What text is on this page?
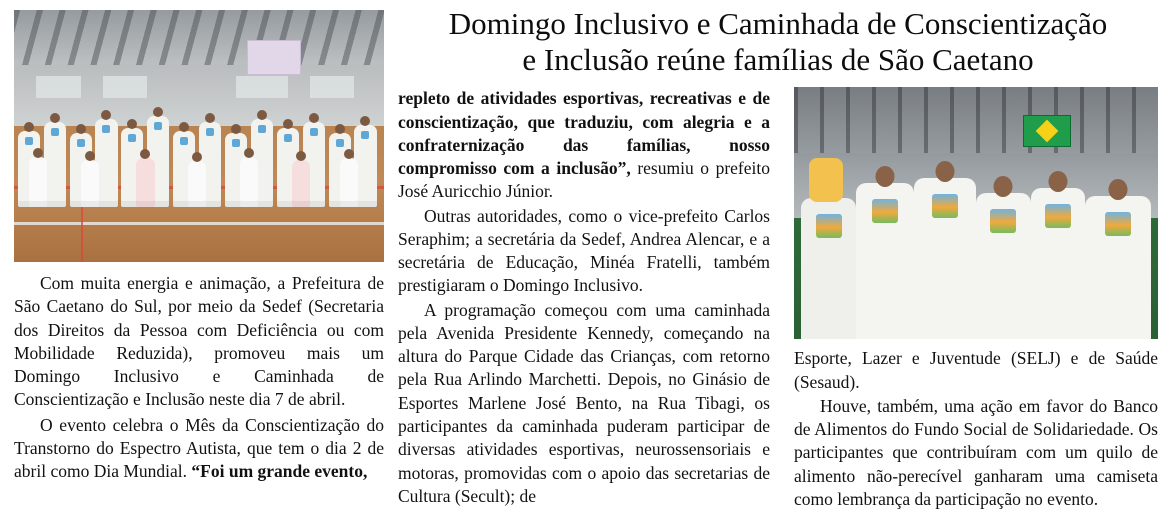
Com muita energia e animação, a Prefeitura de São Caetano do Sul, por meio da Sedef (Secretaria dos Direitos da Pessoa com Deficiência ou com Mobilidade Reduzida), promoveu mais um Domingo Inclusivo e Caminhada de Conscientização e Inclusão neste dia 7 de abril.

O evento celebra o Mês da Conscientização do Transtorno do Espectro Autista, que tem o dia 2 de abril como Dia Mundial. “Foi um grande evento,

Domingo Inclusivo e Caminhada de Conscientização
e Inclusão reúne famílias de São Caetano

repleto de atividades esportivas, recreativas e de conscientização, que traduziu, com alegria e a confraternização das famílias, nosso compromisso com a inclusão”, resumiu o prefeito José Auricchio Júnior.

Outras autoridades, como o vice-prefeito Carlos Seraphim; a secretária da Sedef, Andrea Alencar, e a secretária de Educação, Minéa Fratelli, também prestigiaram o Domingo Inclusivo.

A programação começou com uma caminhada pela Avenida Presidente Kennedy, começando na altura do Parque Cidade das Crianças, com retorno pela Rua Arlindo Marchetti. Depois, no Ginásio de Esportes Marlene José Bento, na Rua Tibagi, os participantes da caminhada puderam participar de diversas atividades esportivas, neurossensoriais e motoras, promovidas com o apoio das secretarias de Cultura (Secult); de

Esporte, Lazer e Juventude (SELJ) e de Saúde (Sesaud).

Houve, também, uma ação em favor do Banco de Alimentos do Fundo Social de Solidariedade. Os participantes que contribuíram com um quilo de alimento não-perecível ganharam uma camiseta como lembrança da participação no evento.
